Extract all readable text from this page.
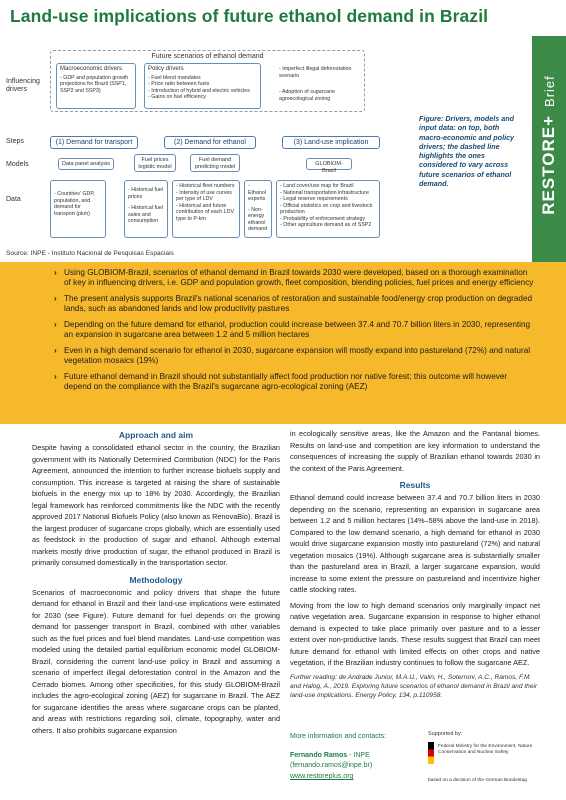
Land-use implications of future ethanol demand in Brazil
RESTORE+Brief
Future scenarios of ethanol demand
Influencing drivers
Macroeconomic drivers
- GDP and population growth projections for Brazil (SSP1, SSP2 and SSP3)
Policy drivers
- Fuel blend mandates
- Price ratio between fuels
- Introduction of hybrid and electric vehicles
- Gains on fuel efficiency
- Imperfect illegal deforestation scenario
- Adoption of sugarcane agroecological zoning
Steps	(1) Demand for transport	(2) Demand for ethanol	(3) Land-use implication
Models	Data panel analysis
Fuel prices logistic model
Fuel demand predicting model	GLOBIOM-Brazil
Data
- Countries' GDP, population, and demand for transport (pkm)
- Historical fuel prices
- Historical fuel sales and consumption
- Historical fleet numbers
- Intensity of use curves per type of LDV
- Historical and future contribution of each LDV type to P-km
- Ethanol exports
- Non-energy ethanol demand
- Land cover/use map for Brazil
- National transportation infrastructure
- Legal reserve requirements
- Official statistics on crop and livestock production
- Probability of enforcement strategy
- Other agriculture demand as of SSP2
Figure: Drivers, models and input data: on top, both macro-economic and policy drivers; the dashed line highlights the ones considered to vary across future scenarios of ethanol demand.
Source: INPE - Instituto Nacional de Pesquisas Espaciais
› Using GLOBIOM-Brazil, scenarios of ethanol demand in Brazil towards 2030 were developed, based on a thorough examination of key in influencing drivers, i.e. GDP and population growth, fleet composition, blending policies, fuel prices and energy efficiency
› The present analysis supports Brazil's national scenarios of restoration and sustainable food/energy crop production on degraded lands, such as abandoned lands and low productivity pastures
› Depending on the future demand for ethanol, production could increase between 37.4 and 70.7 billion liters in 2030, representing an expansion in sugarcane area between 1.2 and 5 million hectares
› Even in a high demand scenario for ethanol in 2030, sugarcane expansion will mostly expand into pastureland (72%) and natural vegetation mosaics (19%)
› Future ethanol demand in Brazil should not substantially affect food production nor native forest; this outcome will however depend on the compliance with the Brazil's sugarcane agro-ecological zoning (AEZ)
Approach and aim

Despite having a consolidated ethanol sector in the country, the Brazilian government with its Nationally Determined Contribution (NDC) for the Paris Agreement, announced the intention to further increase biofuels supply and consumption. This increase is targeted at raising the share of sustainable biofuels in the energy mix up to 18% by 2030. Accordingly, the Brazilian legal framework has reinforced commitments like the NDC with the recently approved 2017 National Biofuels Policy (also known as RenovaBio). Brazil is the largest producer of sugarcane crops globally, which are essentially used as feedstock in the production of sugar and ethanol. Although external markets mostly drive production of sugar, the ethanol produced in Brazil is primarily consumed domestically in the transportation sector.

Methodology

Scenarios of macroeconomic and policy drivers that shape the future demand for ethanol in Brazil and their land-use implications were estimated for 2030 (see Figure). Future demand for fuel depends on the growing demand for passenger transport in Brazil, combined with other variables such as the fuel prices and fuel blend mandates. Land-use competition was modeled using the detailed partial equilibrium economic model GLOBIOM-Brazil, considering the current land-use policy in Brazil and assuming a scenario of imperfect illegal deforestation control in the Amazon and the Cerrado biomes. Among other specificities, for this study GLOBIOM-Brazil includes the agro-ecological zoning (AEZ) for sugarcane in Brazil. The AEZ for sugarcane identifies the areas where sugarcane crops can be planted, and areas with restrictions regarding soil, climate, topography, water and others. It also prohibits sugarcane expansion

in ecologically sensitive areas, like the Amazon and the Pantanal biomes. Results on land-use and competition are key information to understand the consequences of increasing the supply of Brazilian ethanol towards 2030 in the context of the Paris Agreement.

Results

Ethanol demand could increase between 37.4 and 70.7 billion liters in 2030 depending on the scenario, representing an expansion in sugarcane area between 1.2 and 5 million hectares (14%–58% above the land-use in 2018). Compared to the low demand scenario, a high demand for ethanol in 2030 would drive sugarcane expansion mostly into pastureland (72%) and natural vegetation mosaics (19%). Although sugarcane area is substantially smaller than the pastureland area in Brazil, a larger sugarcane expansion, would increase to some extent the pressure on pastureland and incentivize higher cattle stocking rates.

Moving from the low to high demand scenarios only marginally impact net native vegetation area. Sugarcane expansion in response to higher ethanol demand is expected to take place primarily over pasture and to a lesser extent over non-productive lands. These results suggest that Brazil can meet future demand for ethanol with limited effects on other crops and native vegetation, if the Brazilian industry continues to follow the sugarcane AEZ.

Further reading: de Andrade Junior, M.A.U., Valin, H., Soterroni, A.C., Ramos, F.M. and Halog, A., 2019. Exploring future scenarios of ethanol demand in Brazil and their land-use implications. Energy Policy, 134, p.110958.

More information and contacts:
Fernando Ramos - INPE
(fernando.ramos@inpe.br)
www.restoreplus.org
Supported by:
Federal Ministry for the Environment, Nature Conservation and Nuclear Safety
based on a decision of the German Bundestag
